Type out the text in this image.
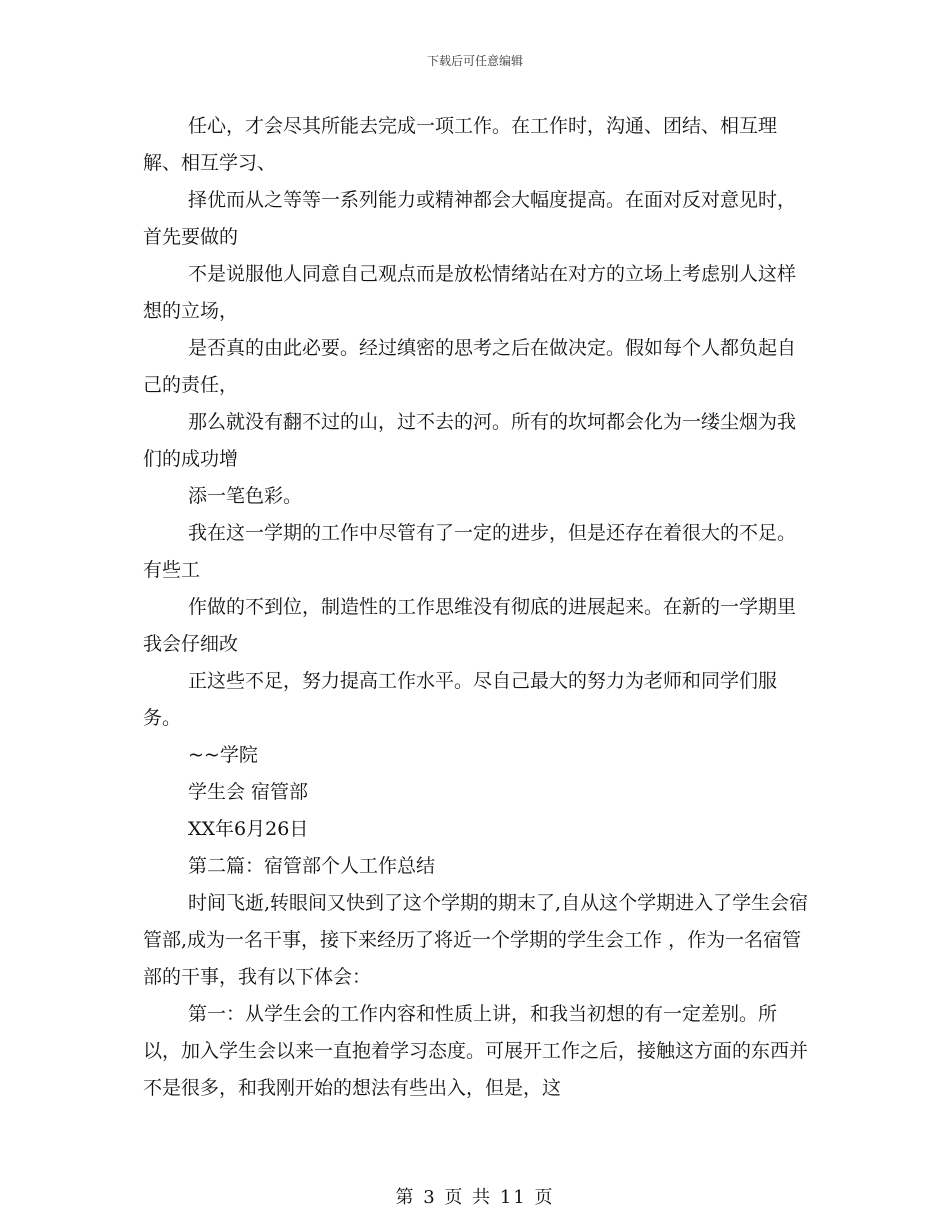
下载后可任意编辑

任心，才会尽其所能去完成一项工作。在工作时，沟通、团结、相互理解、相互学习、

择优而从之等等一系列能力或精神都会大幅度提高。在面对反对意见时，首先要做的

不是说服他人同意自己观点而是放松情绪站在对方的立场上考虑别人这样想的立场，

是否真的由此必要。经过缜密的思考之后在做决定。假如每个人都负起自己的责任，

那么就没有翻不过的山，过不去的河。所有的坎坷都会化为一缕尘烟为我们的成功增

添一笔色彩。

我在这一学期的工作中尽管有了一定的进步，但是还存在着很大的不足。有些工

作做的不到位，制造性的工作思维没有彻底的进展起来。在新的一学期里我会仔细改

正这些不足，努力提高工作水平。尽自己最大的努力为老师和同学们服务。

~~学院

学生会 宿管部

XX年6月26日

第二篇：宿管部个人工作总结

时间飞逝,转眼间又快到了这个学期的期末了,自从这个学期进入了学生会宿管部,成为一名干事，接下来经历了将近一个学期的学生会工作 ，作为一名宿管部的干事，我有以下体会：

第一：从学生会的工作内容和性质上讲，和我当初想的有一定差别。所以，加入学生会以来一直抱着学习态度。可展开工作之后，接触这方面的东西并不是很多，和我刚开始的想法有些出入，但是，这

第 3 页 共 11 页
